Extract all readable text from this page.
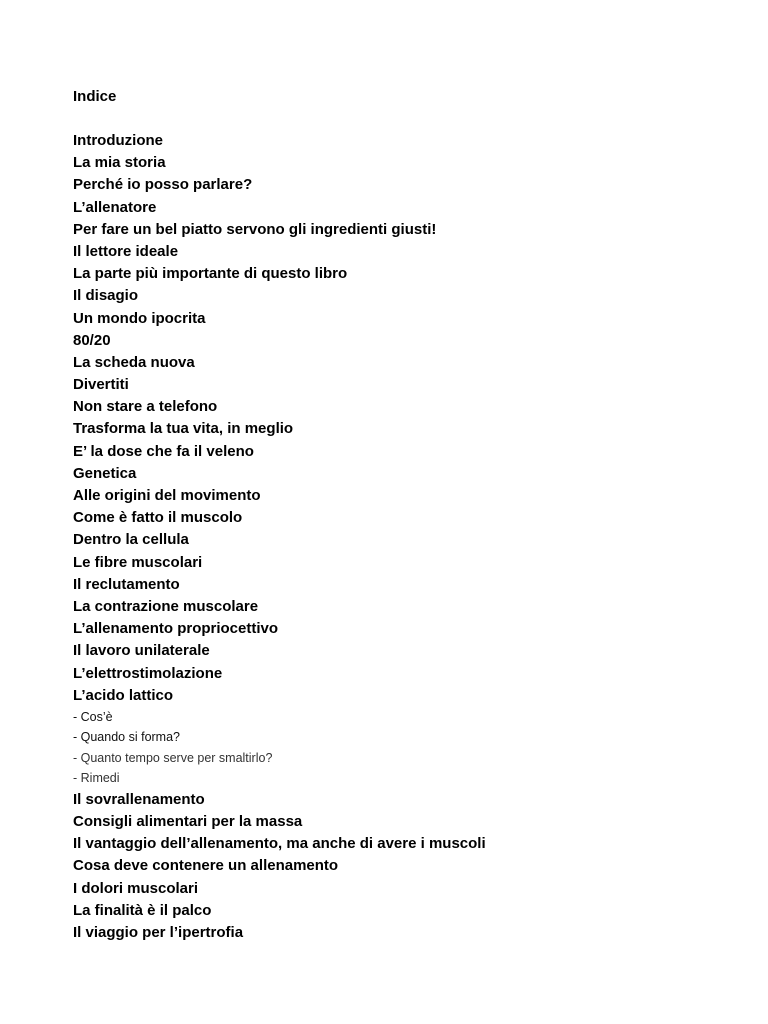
Indice
Introduzione
La mia storia
Perché io posso parlare?
L’allenatore
Per fare un bel piatto servono gli ingredienti giusti!
Il lettore ideale
La parte più importante di questo libro
Il disagio
Un mondo ipocrita
80/20
La scheda nuova
Divertiti
Non stare a telefono
Trasforma la tua vita, in meglio
E’ la dose che fa il veleno
Genetica
Alle origini del movimento
Come è fatto il muscolo
Dentro la cellula
Le fibre muscolari
Il reclutamento
La contrazione muscolare
L’allenamento propriocettivo
Il lavoro unilaterale
L’elettrostimolazione
L’acido lattico
- Cos’è
- Quando si forma?
- Quanto tempo serve per smaltirlo?
- Rimedi
Il sovrallenamento
Consigli alimentari per la massa
Il vantaggio dell’allenamento, ma anche di avere i muscoli
Cosa deve contenere un allenamento
I dolori muscolari
La finalità è il palco
Il viaggio per l’ipertrofia
